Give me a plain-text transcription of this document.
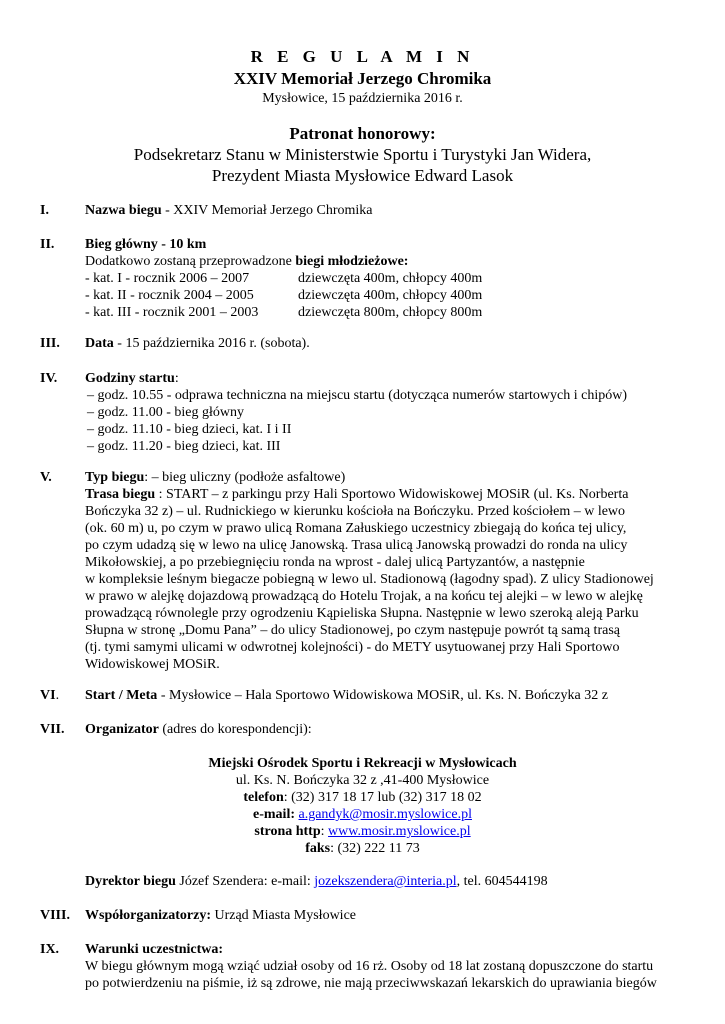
R E G U L A M I N
XXIV Memoriał Jerzego Chromika
Mysłowice, 15 października 2016 r.
Patronat honorowy:
Podsekretarz Stanu w Ministerstwie Sportu i Turystyki Jan Widera,
Prezydent Miasta Mysłowice Edward Lasok
I.	Nazwa biegu - XXIV Memoriał Jerzego Chromika
II. Bieg główny - 10 km
Dodatkowo zostaną przeprowadzone biegi młodzieżowe:
- kat. I - rocznik 2006 – 2007	dziewczęta 400m, chłopcy 400m
- kat. II - rocznik 2004 – 2005	dziewczęta 400m, chłopcy 400m
- kat. III - rocznik 2001 – 2003	dziewczęta 800m, chłopcy 800m
III. Data - 15 października 2016 r. (sobota).
IV. Godziny startu:
– godz. 10.55 - odprawa techniczna na miejscu startu (dotycząca numerów startowych i chipów)
– godz. 11.00 - bieg główny
– godz. 11.10 - bieg dzieci, kat. I i II
– godz. 11.20 - bieg dzieci, kat. III
V. Typ biegu: – bieg uliczny (podłoże asfaltowe)
Trasa biegu : START – z parkingu przy Hali Sportowo Widowiskowej MOSiR (ul. Ks. Norberta
Bończyka 32 z) – ul. Rudnickiego w kierunku kościoła na Bończyku. Przed kościołem – w lewo
(ok. 60 m) u, po czym w prawo ulicą Romana Załuskiego uczestnicy zbiegają do końca tej ulicy,
po czym udadzą się w lewo na ulicę Janowską. Trasa ulicą Janowską prowadzi do ronda na ulicy
Mikołowskiej, a po przebiegnięciu ronda na wprost - dalej ulicą Partyzantów, a następnie
w kompleksie leśnym biegacze pobiegną w lewo ul. Stadionową (łagodny spad). Z ulicy Stadionowej
w prawo w alejkę dojazdową prowadzącą do Hotelu Trojak, a na końcu tej alejki – w lewo w alejkę
prowadzącą równolegle przy ogrodzeniu Kąpieliska Słupna. Następnie w lewo szeroką aleją Parku
Słupna w stronę „Domu Pana” – do ulicy Stadionowej, po czym następuje powrót tą samą trasą
(tj. tymi samymi ulicami w odwrotnej kolejności) - do METY usytuowanej przy Hali Sportowo
Widowiskowej MOSiR.
VI. Start / Meta - Mysłowice – Hala Sportowo Widowiskowa MOSiR, ul. Ks. N. Bończyka 32 z
VII. Organizator (adres do korespondencji):
Miejski Ośrodek Sportu i Rekreacji w Mysłowicach
ul. Ks. N. Bończyka 32 z ,41-400 Mysłowice
telefon: (32) 317 18 17 lub (32) 317 18 02
e-mail: a.gandyk@mosir.myslowice.pl
strona http: www.mosir.myslowice.pl
faks: (32) 222 11 73
Dyrektor biegu Józef Szendera: e-mail: jozekszendera@interia.pl, tel. 604544198
VIII. Współorganizatorzy: Urząd Miasta Mysłowice
IX. Warunki uczestnictwa:
W biegu głównym mogą wziąć udział osoby od 16 rż. Osoby od 18 lat zostaną dopuszczone do startu
po potwierdzeniu na piśmie, iż są zdrowe, nie mają przeciwwskazań lekarskich do uprawiania biegów
